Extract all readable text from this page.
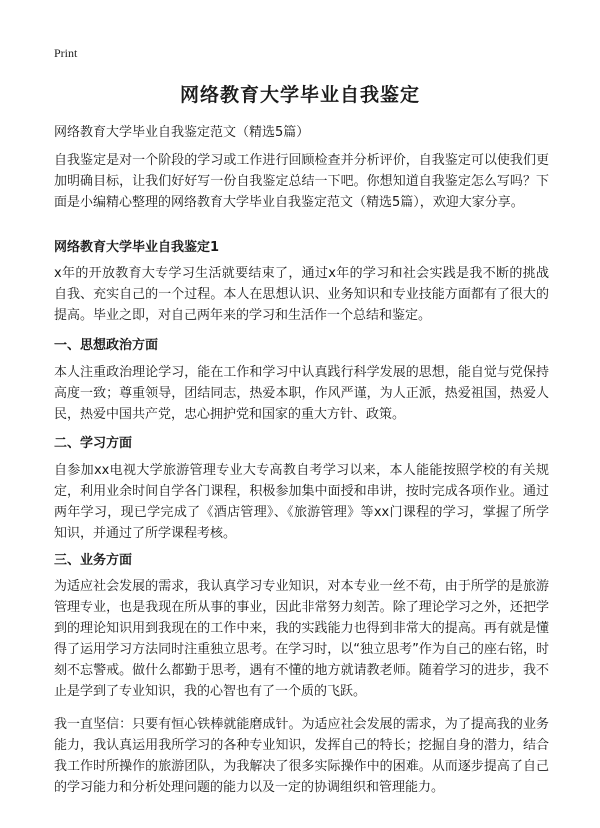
Print
网络教育大学毕业自我鉴定
网络教育大学毕业自我鉴定范文（精选5篇）
自我鉴定是对一个阶段的学习或工作进行回顾检查并分析评价，自我鉴定可以使我们更加明确目标，让我们好好写一份自我鉴定总结一下吧。你想知道自我鉴定怎么写吗？下面是小编精心整理的网络教育大学毕业自我鉴定范文（精选5篇），欢迎大家分享。
网络教育大学毕业自我鉴定1
x年的开放教育大专学习生活就要结束了，通过x年的学习和社会实践是我不断的挑战自我、充实自己的一个过程。本人在思想认识、业务知识和专业技能方面都有了很大的提高。毕业之即，对自己两年来的学习和生活作一个总结和鉴定。
一、思想政治方面
本人注重政治理论学习，能在工作和学习中认真践行科学发展的思想，能自觉与党保持高度一致；尊重领导，团结同志，热爱本职，作风严谨，为人正派，热爱祖国，热爱人民，热爱中国共产党，忠心拥护党和国家的重大方针、政策。
二、学习方面
自参加xx电视大学旅游管理专业大专高教自考学习以来，本人能能按照学校的有关规定，利用业余时间自学各门课程，积极参加集中面授和串讲，按时完成各项作业。通过两年学习，现已学完成了《酒店管理》、《旅游管理》等xx门课程的学习，掌握了所学知识，并通过了所学课程考核。
三、业务方面
为适应社会发展的需求，我认真学习专业知识，对本专业一丝不苟，由于所学的是旅游管理专业，也是我现在所从事的事业，因此非常努力刻苦。除了理论学习之外，还把学到的理论知识用到我现在的工作中来，我的实践能力也得到非常大的提高。再有就是懂得了运用学习方法同时注重独立思考。在学习时，以“独立思考”作为自己的座右铭，时刻不忘警戒。做什么都勤于思考，遇有不懂的地方就请教老师。随着学习的进步，我不止是学到了专业知识，我的心智也有了一个质的飞跃。
我一直坚信：只要有恒心铁棒就能磨成针。为适应社会发展的需求，为了提高我的业务能力，我认真运用我所学习的各种专业知识，发挥自己的特长；挖掘自身的潜力，结合我工作时所操作的旅游团队，为我解决了很多实际操作中的困难。从而逐步提高了自己的学习能力和分析处理问题的能力以及一定的协调组织和管理能力。
